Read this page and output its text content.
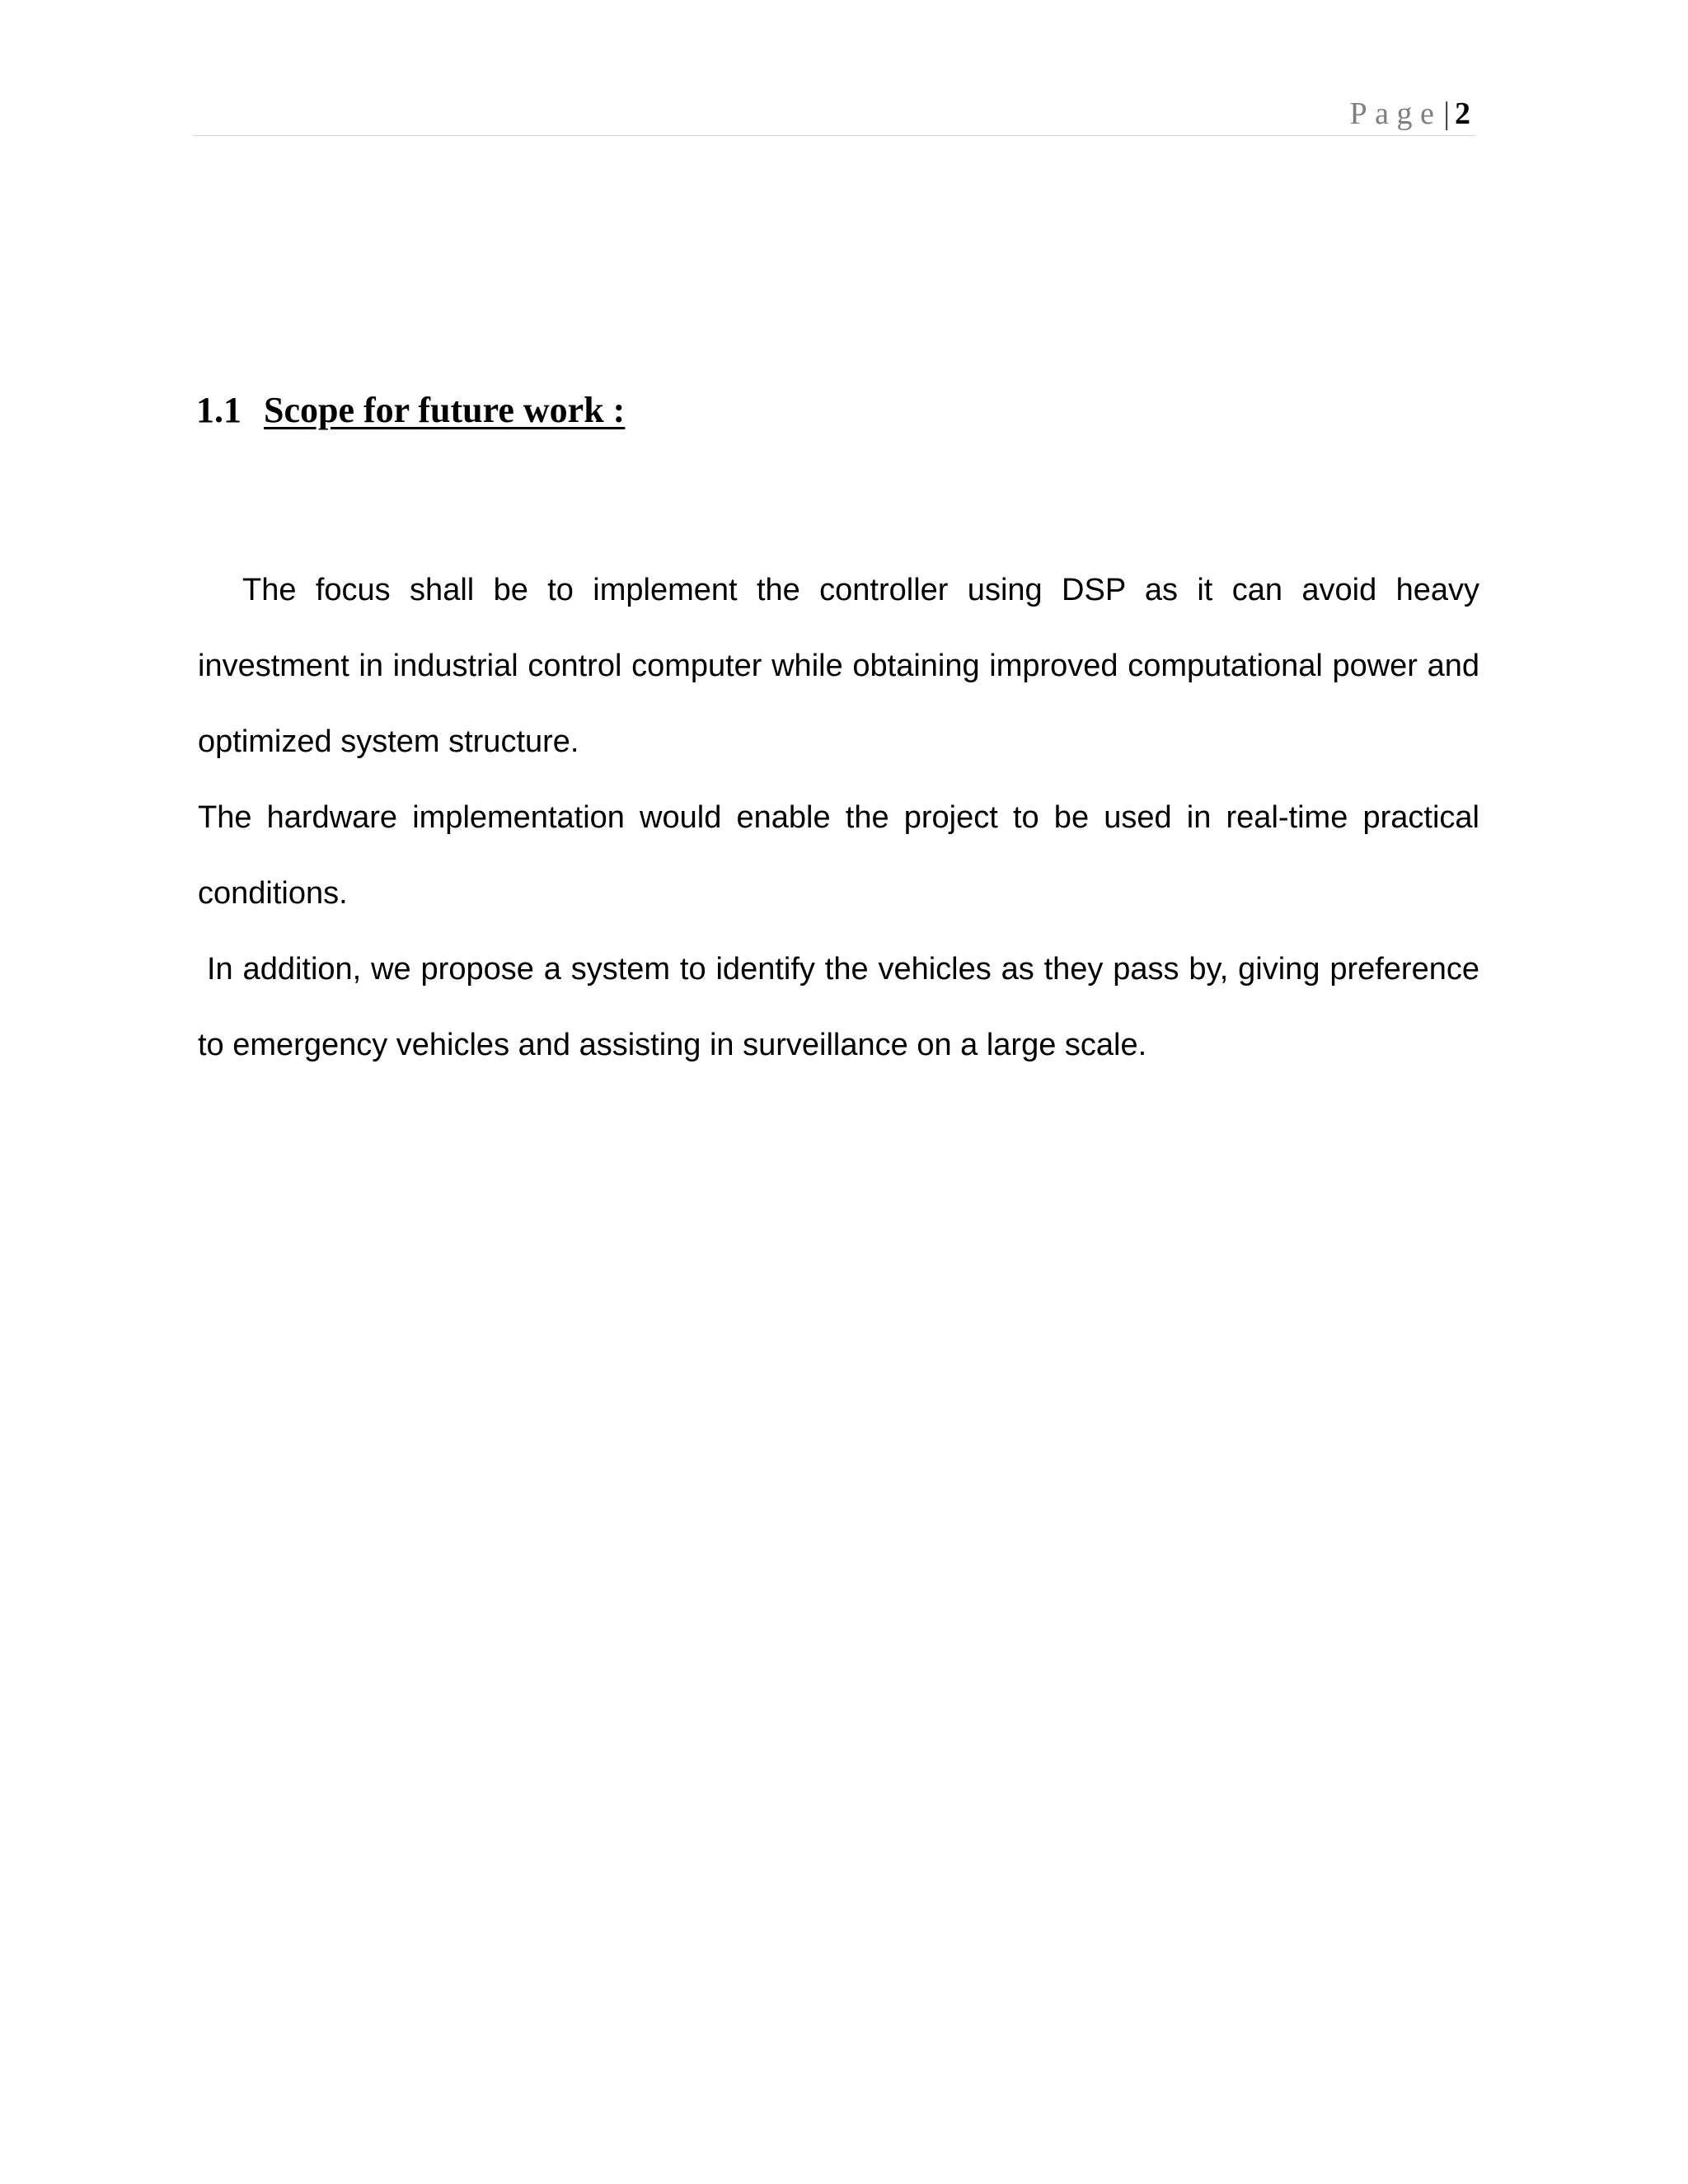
Page| 2
1.1 Scope for future work :

The focus shall be to implement the controller using DSP as it can avoid heavy investment in industrial control computer while obtaining improved computational power and optimized system structure.

The hardware implementation would enable the project to be used in real-time practical conditions.

In addition, we propose a system to identify the vehicles as they pass by, giving preference to emergency vehicles and assisting in surveillance on a large scale.
